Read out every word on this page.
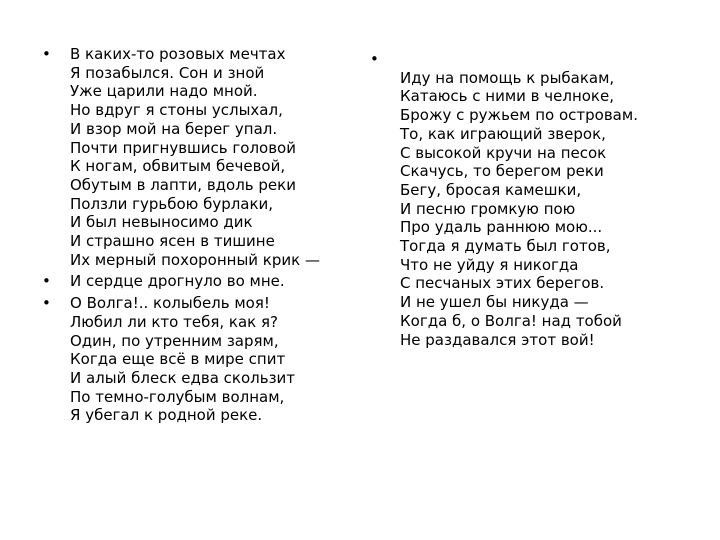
• В каких-то розовых мечтах
Я позабылся. Сон и зной
Уже царили надо мной.
Но вдруг я стоны услыхал,
И взор мой на берег упал.
Почти пригнувшись головой
К ногам, обвитым бечевой,
Обутым в лапти, вдоль реки
Ползли гурьбою бурлаки,
И был невыносимо дик
И страшно ясен в тишине
Их мерный похоронный крик —
• И сердце дрогнуло во мне.
• О Волга!.. колыбель моя!
Любил ли кто тебя, как я?
Один, по утренним зарям,
Когда еще всё в мире спит
И алый блеск едва скользит
По темно-голубым волнам,
Я убегал к родной реке.
•
Иду на помощь к рыбакам,
Катаюсь с ними в челноке,
Брожу с ружьем по островам.
То, как играющий зверок,
С высокой кручи на песок
Скачусь, то берегом реки
Бегу, бросая камешки,
И песню громкую пою
Про удаль раннюю мою...
Тогда я думать был готов,
Что не уйду я никогда
С песчаных этих берегов.
И не ушел бы никуда —
Когда б, о Волга! над тобой
Не раздавался этот вой!
